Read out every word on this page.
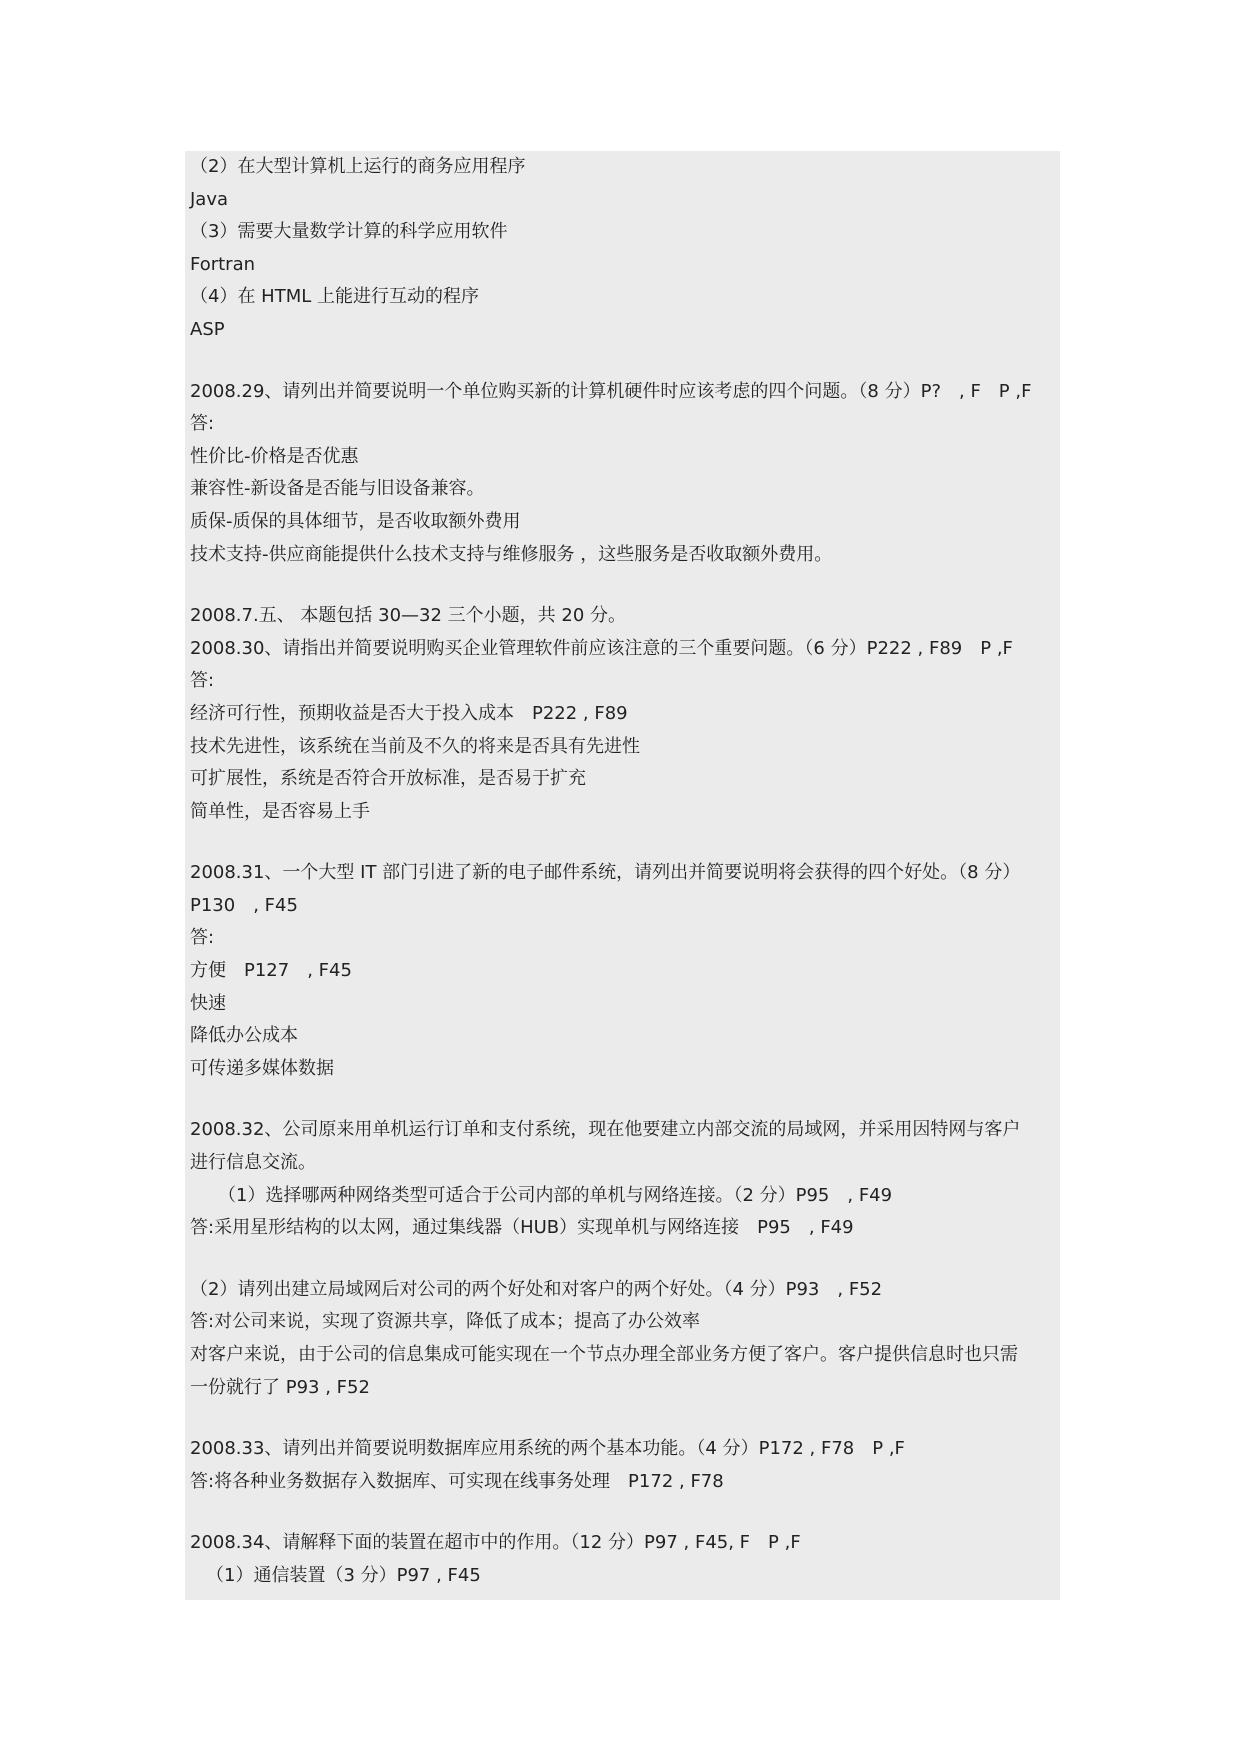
（2）在大型计算机上运行的商务应用程序
Java
（3）需要大量数学计算的科学应用软件
Fortran
（4）在 HTML 上能进行互动的程序
ASP
2008.29、请列出并简要说明一个单位购买新的计算机硬件时应该考虑的四个问题。（8 分）P?　, F　P ,F
答:
性价比-价格是否优惠
兼容性-新设备是否能与旧设备兼容。
质保-质保的具体细节，是否收取额外费用
技术支持-供应商能提供什么技术支持与维修服务 ，这些服务是否收取额外费用。
2008.7.五、 本题包括 30—32 三个小题，共 20 分。
2008.30、请指出并简要说明购买企业管理软件前应该注意的三个重要问题。（6 分）P222 , F89　P ,F
答:
经济可行性，预期收益是否大于投入成本　P222 , F89
技术先进性，该系统在当前及不久的将来是否具有先进性
可扩展性，系统是否符合开放标准，是否易于扩充
简单性，是否容易上手
2008.31、一个大型 IT 部门引进了新的电子邮件系统，请列出并简要说明将会获得的四个好处。（8 分）
P130　, F45
答:
方便　P127　, F45
快速
降低办公成本
可传递多媒体数据
2008.32、公司原来用单机运行订单和支付系统，现在他要建立内部交流的局域网，并采用因特网与客户
进行信息交流。
（1）选择哪两种网络类型可适合于公司内部的单机与网络连接。（2 分）P95　, F49
答:采用星形结构的以太网，通过集线器（HUB）实现单机与网络连接　P95　, F49
（2）请列出建立局域网后对公司的两个好处和对客户的两个好处。（4 分）P93　, F52
答:对公司来说，实现了资源共享，降低了成本；提高了办公效率
对客户来说，由于公司的信息集成可能实现在一个节点办理全部业务方便了客户。客户提供信息时也只需
一份就行了 P93 , F52
2008.33、请列出并简要说明数据库应用系统的两个基本功能。（4 分）P172 , F78　P ,F
答:将各种业务数据存入数据库、可实现在线事务处理　P172 , F78
2008.34、请解释下面的装置在超市中的作用。（12 分）P97 , F45, F　P ,F
（1）通信装置（3 分）P97 , F45
